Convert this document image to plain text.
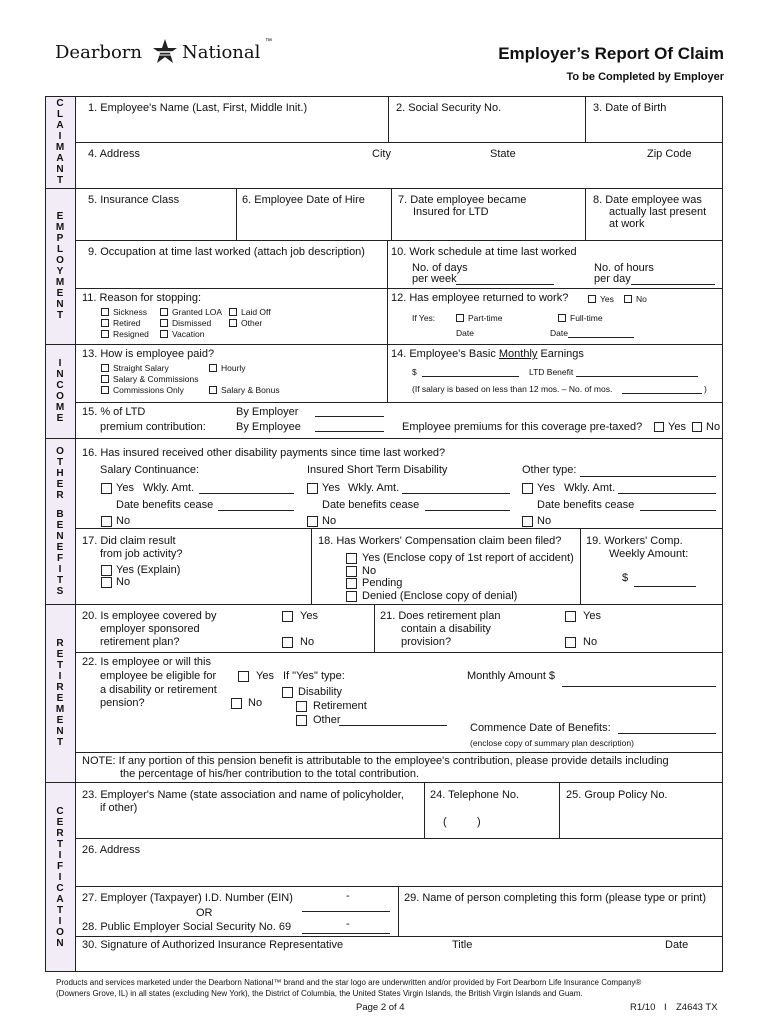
Dearborn National
™
Employer’s Report Of Claim
To be Completed by Employer
C
L
A
I
M
A
N
T
E
M
P
L
O
Y
M
E
N
T
I
N
C
O
M
E
O
T
H
E
R
B
E
N
E
F
I
T
S
R
E
T
I
R
E
M
E
N
T
C
E
R
T
I
F
I
C
A
T
I
O
N
1. Employee's Name (Last, First, Middle Init.)	2. Social Security No.	3. Date of Birth
4. Address	City	State	Zip Code
5. Insurance Class	6. Employee Date of Hire	7. Date employee became
Insured for LTD
8. Date employee was
actually last present
at work
9. Occupation at time last worked (attach job description) 10. Work schedule at time last worked
No. of days
per week
No. of hours
per day
11. Reason for stopping:
Sickness	Granted LOA Laid Off
Retired	Dismissed	Other
Resigned	Vacation
12. Has employee returned to work?	Yes	No
If Yes:	Part-time	Full-time
Date	Date
13. How is employee paid?
Straight Salary	Hourly
Salary & Commissions
Commissions Only	Salary & Bonus
14. Employee's Basic Monthly Earnings
$	LTD Benefit
(If salary is based on less than 12 mos. – No. of mos.	)
15. % of LTD
premium contribution:
By Employer
By Employee	Employee premiums for this coverage pre-taxed? Yes No
16. Has insured received other disability payments since time last worked?
Salary Continuance:	Insured Short Term Disability	Other type:
Yes Wkly. Amt.	Yes Wkly. Amt.	Yes Wkly. Amt.
Date benefits cease	Date benefits cease	Date benefits cease
No	No	No
17. Did claim result
from job activity?
Yes (Explain)
No
18. Has Workers' Compensation claim been filed?
Yes (Enclose copy of 1st report of accident)
No
Pending
Denied (Enclose copy of denial)
19. Workers' Comp.
Weekly Amount:
$
20. Is employee covered by
employer sponsored
retirement plan?
Yes
No
21. Does retirement plan
contain a disability
provision?
Yes
No
22. Is employee or will this
employee be eligible for
a disability or retirement
pension?
Yes If "Yes" type:
No
Disability
Retirement
Other
Monthly Amount $
Commence Date of Benefits:
(enclose copy of summary plan description)
NOTE: If any portion of this pension benefit is attributable to the employee's contribution, please provide details including
the percentage of his/her contribution to the total contribution.
23. Employer's Name (state association and name of policyholder,
if other)
24. Telephone No.
(	)
25. Group Policy No.
26. Address
27. Employer (Taxpayer) I.D. Number (EIN)	-
OR
28. Public Employer Social Security No. 69	-
29. Name of person completing this form (please type or print)
30. Signature of Authorized Insurance Representative	Title	Date
Products and services marketed under the Dearborn National™ brand and the star logo are underwritten and/or provided by Fort Dearborn Life Insurance Company®
(Downers Grove, IL) in all states (excluding New York), the District of Columbia, the United States Virgin Islands, the British Virgin Islands and Guam.
Page 2 of 4	R1/10 I Z4643 TX
